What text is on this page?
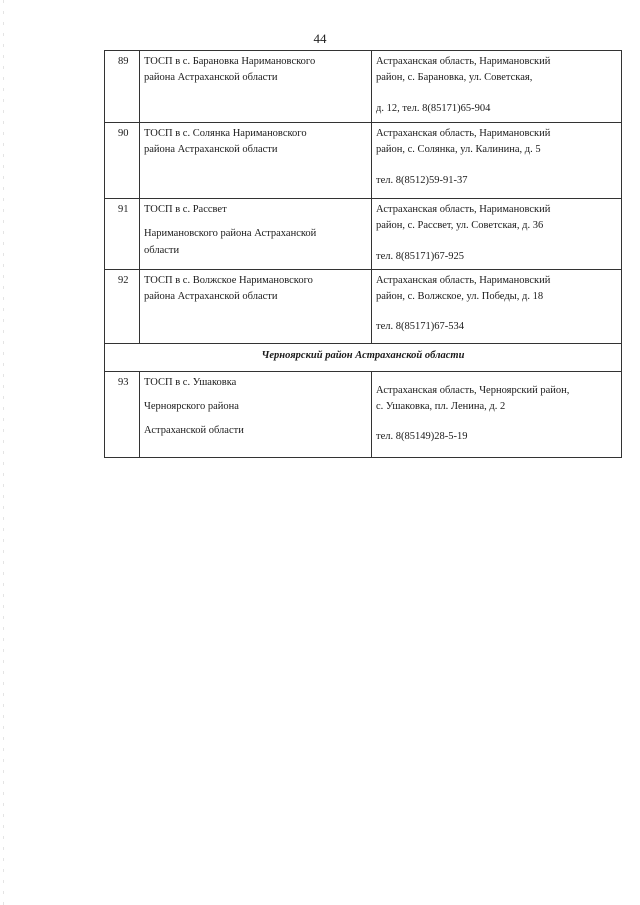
44
89	ТОСП в с. Барановка Наримановского
района Астраханской области	Астраханская область, Наримановский
район, с. Барановка, ул. Советская,
д. 12, тел. 8(85171)65-904

90	ТОСП в с. Солянка Наримановского
района Астраханской области	Астраханская область, Наримановский
район, с. Солянка, ул. Калинина, д. 5
тел. 8(8512)59-91-37

91	ТОСП в с. Рассвет
Наримановского района Астраханской
области	Астраханская область, Наримановский
район, с. Рассвет, ул. Советская, д. 36
тел. 8(85171)67-925

92	ТОСП в с. Волжское Наримановского
района Астраханской области	Астраханская область, Наримановский
район, с. Волжское, ул. Победы, д. 18
тел. 8(85171)67-534

Черноярский район Астраханской области		
93	ТОСП в с. Ушаковка
Черноярского района
Астраханской области	Астраханская область, Черноярский район,
с. Ушаковка, пл. Ленина, д. 2
тел. 8(85149)28-5-19
